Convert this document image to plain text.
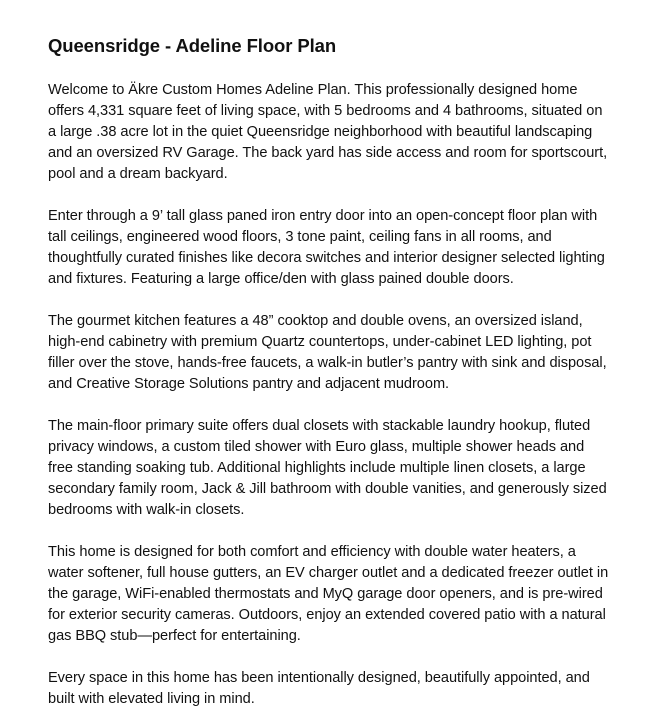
Queensridge - Adeline Floor Plan

Welcome to Äkre Custom Homes Adeline Plan. This professionally designed home offers 4,331 square feet of living space, with 5 bedrooms and 4 bathrooms, situated on a large .38 acre lot in the quiet Queensridge neighborhood with beautiful landscaping and an oversized RV Garage. The back yard has side access and room for sportscourt, pool and a dream backyard.

Enter through a 9’ tall glass paned iron entry door into an open-concept floor plan with tall ceilings, engineered wood floors, 3 tone paint, ceiling fans in all rooms, and thoughtfully curated finishes like decora switches and interior designer selected lighting and fixtures. Featuring a large office/den with glass pained double doors.

The gourmet kitchen features a 48” cooktop and double ovens, an oversized island, high-end cabinetry with premium Quartz countertops, under-cabinet LED lighting, pot filler over the stove, hands-free faucets, a walk-in butler’s pantry with sink and disposal, and Creative Storage Solutions pantry and adjacent mudroom.

The main-floor primary suite offers dual closets with stackable laundry hookup, fluted privacy windows, a custom tiled shower with Euro glass, multiple shower heads and free standing soaking tub. Additional highlights include multiple linen closets, a large secondary family room, Jack & Jill bathroom with double vanities, and generously sized bedrooms with walk-in closets.

This home is designed for both comfort and efficiency with double water heaters, a water softener, full house gutters, an EV charger outlet and a dedicated freezer outlet in the garage, WiFi-enabled thermostats and MyQ garage door openers, and is pre-wired for exterior security cameras. Outdoors, enjoy an extended covered patio with a natural gas BBQ stub—perfect for entertaining.

Every space in this home has been intentionally designed, beautifully appointed, and built with elevated living in mind.
